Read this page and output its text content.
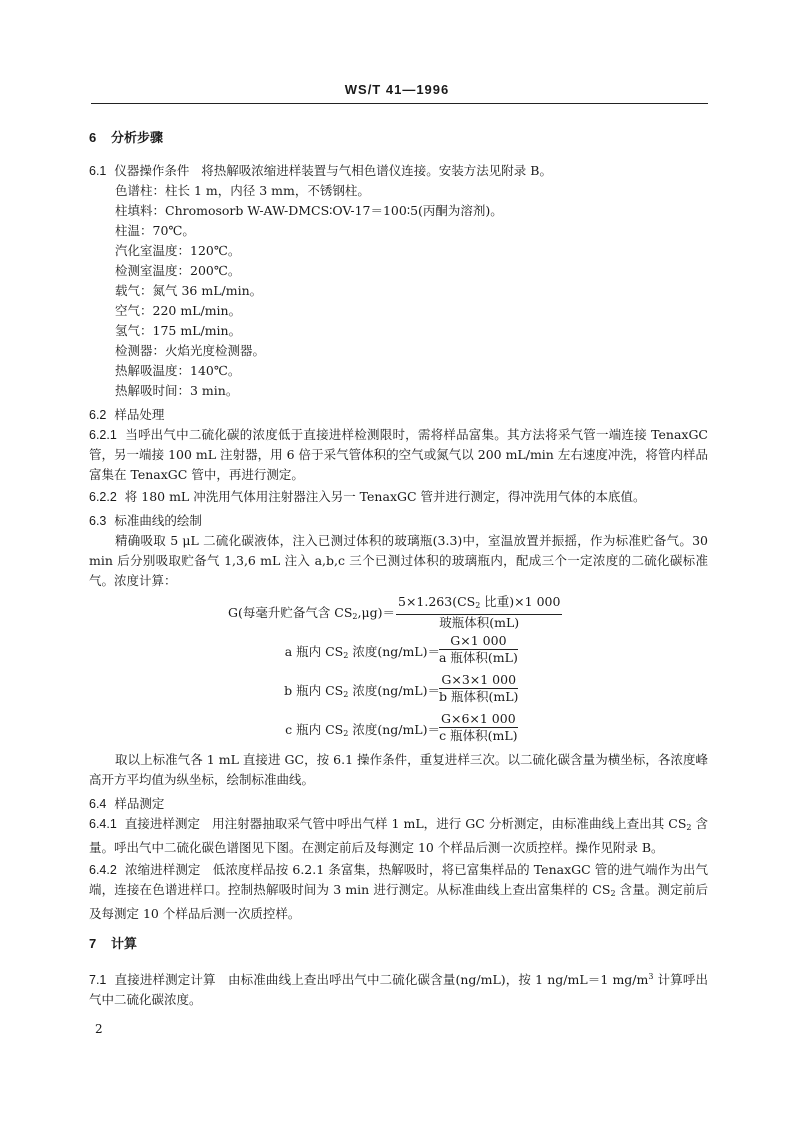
WS/T 41—1996
6 分析步骤
6.1 仪器操作条件 将热解吸浓缩进样装置与气相色谱仪连接。安装方法见附录 B。
色谱柱：柱长 1 m，内径 3 mm，不锈钢柱。
柱填料：Chromosorb W-AW-DMCS∶OV-17＝100∶5(丙酮为溶剂)。
柱温：70℃。
汽化室温度：120℃。
检测室温度：200℃。
载气：氮气 36 mL/min。
空气：220 mL/min。
氢气：175 mL/min。
检测器：火焰光度检测器。
热解吸温度：140℃。
热解吸时间：3 min。
6.2 样品处理
6.2.1 当呼出气中二硫化碳的浓度低于直接进样检测限时，需将样品富集。其方法将采气管一端连接 TenaxGC 管，另一端接 100 mL 注射器，用 6 倍于采气管体积的空气或氮气以 200 mL/min 左右速度冲洗，将管内样品富集在 TenaxGC 管中，再进行测定。
6.2.2 将 180 mL 冲洗用气体用注射器注入另一 TenaxGC 管并进行测定，得冲洗用气体的本底值。
6.3 标准曲线的绘制
精确吸取 5 μL 二硫化碳液体，注入已测过体积的玻璃瓶(3.3)中，室温放置并振摇，作为标准贮备气。30 min 后分别吸取贮备气 1,3,6 mL 注入 a,b,c 三个已测过体积的玻璃瓶内，配成三个一定浓度的二硫化碳标准气。浓度计算：
G(每毫升贮备气含 $CS_2,\mu g)=$
$5\times 1.263(CS_2$ 比重)×1 000
玻瓶体积(mL)
a 瓶内 $CS_2$ 浓度(ng/mL)＝
G×1 000
a 瓶体积(mL)
b 瓶内 $CS_2$ 浓度(ng/mL)＝
G×3×1 000
b 瓶体积(mL)
c 瓶内 $CS_2$ 浓度(ng/mL)＝
G×6×1 000
c 瓶体积(mL)
取以上标准气各 1 mL 直接进 GC，按 6.1 操作条件，重复进样三次。以二硫化碳含量为横坐标，各浓度峰高开方平均值为纵坐标，绘制标准曲线。
6.4 样品测定
6.4.1 直接进样测定 用注射器抽取采气管中呼出气样 1 mL，进行 GC 分析测定，由标准曲线上查出其 $CS_2$ 含量。呼出气中二硫化碳色谱图见下图。在测定前后及每测定 10 个样品后测一次质控样。操作见附录 B。
6.4.2 浓缩进样测定 低浓度样品按 6.2.1 条富集，热解吸时，将已富集样品的 TenaxGC 管的进气端作为出气端，连接在色谱进样口。控制热解吸时间为 3 min 进行测定。从标准曲线上查出富集样的 $CS_2$ 含量。测定前后及每测定 10 个样品后测一次质控样。
7 计算
7.1 直接进样测定计算 由标准曲线上查出呼出气中二硫化碳含量(ng/mL)，按 1 ng/mL＝1 $mg/m^3$ 计算呼出气中二硫化碳浓度。
2
